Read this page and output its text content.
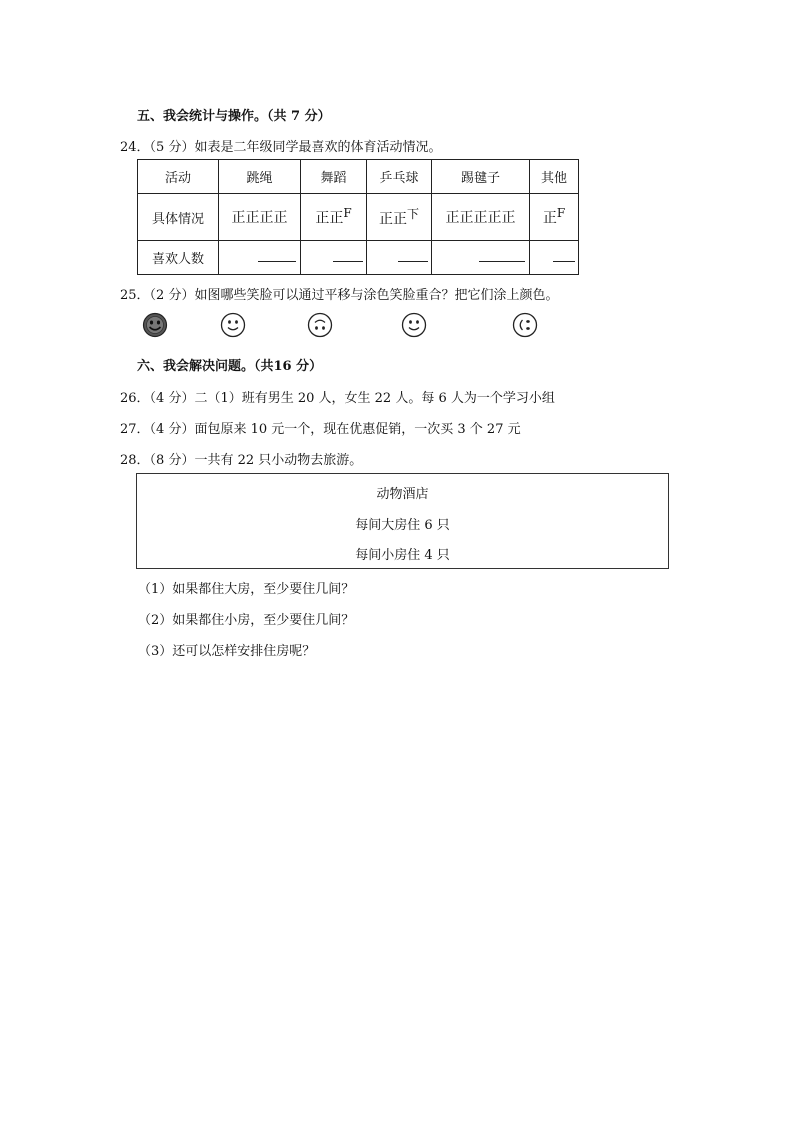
五、我会统计与操作。（共 7 分）
24．（5 分）如表是二年级同学最喜欢的体育活动情况。
活动	跳绳	舞蹈	乒乓球	踢毽子	其他
具体情况	正正正正	正正F	正正下	正正正正正	正F
喜欢人数					
25．（2 分）如图哪些笑脸可以通过平移与涂色笑脸重合？把它们涂上颜色。
六、我会解决问题。（共16 分）
26．（4 分）二（1）班有男生 20 人，女生 22 人。每 6 人为一个学习小组
27．（4 分）面包原来 10 元一个，现在优惠促销，一次买 3 个 27 元
28．（8 分）一共有 22 只小动物去旅游。
动物酒店
每间大房住 6 只
每间小房住 4 只
（1）如果都住大房，至少要住几间？
（2）如果都住小房，至少要住几间？
（3）还可以怎样安排住房呢？
